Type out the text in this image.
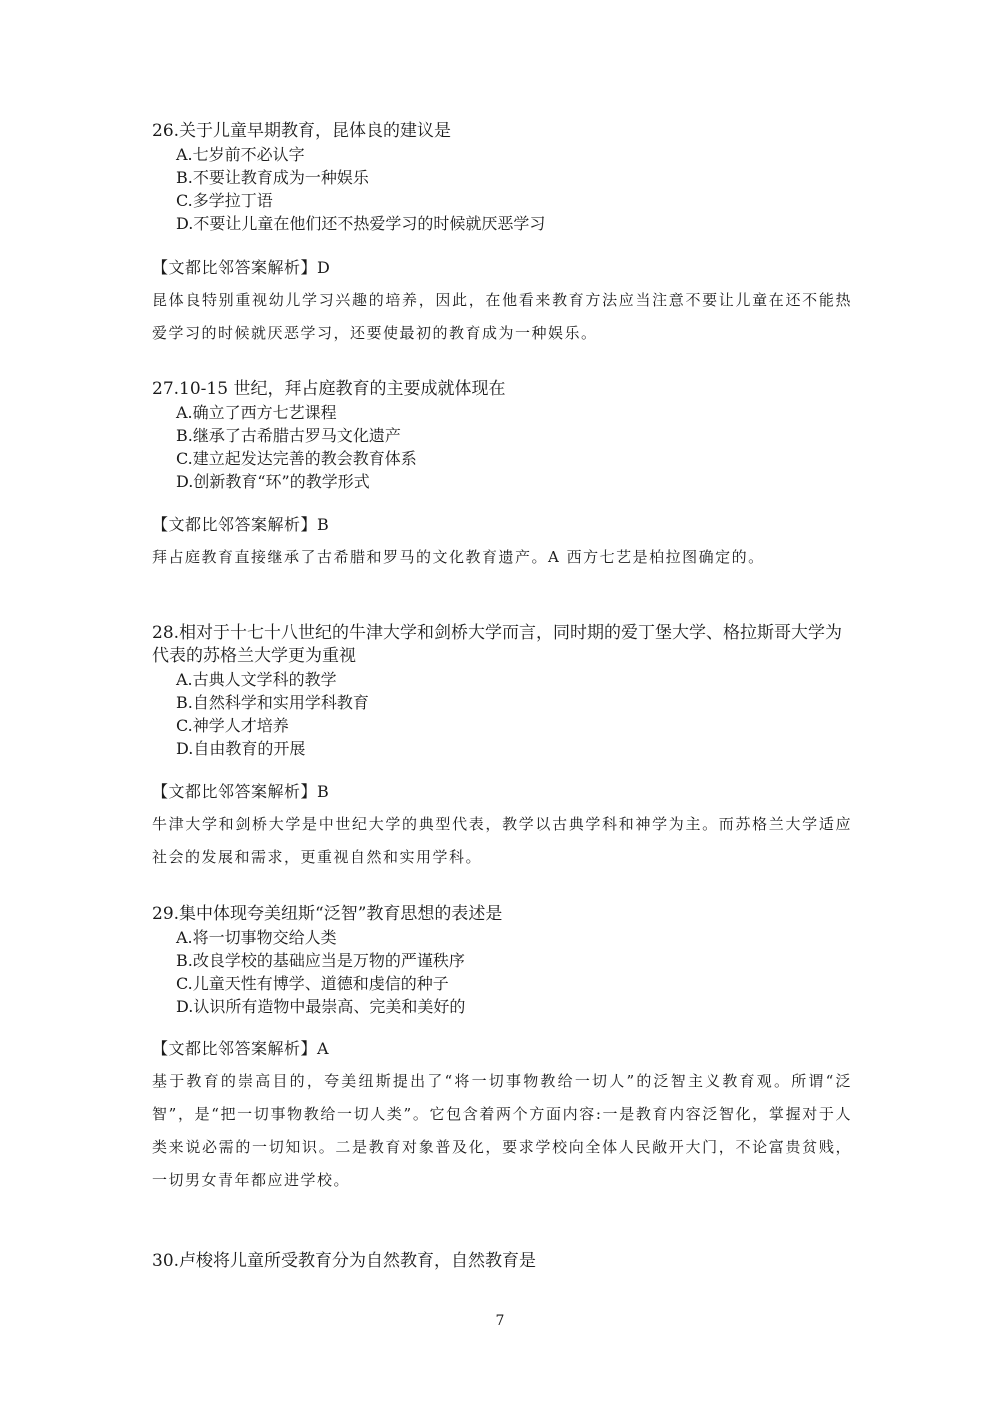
26.关于儿童早期教育，昆体良的建议是
A.七岁前不必认字
B.不要让教育成为一种娱乐
C.多学拉丁语
D.不要让儿童在他们还不热爱学习的时候就厌恶学习
【文都比邻答案解析】D
昆体良特别重视幼儿学习兴趣的培养，因此，在他看来教育方法应当注意不要让儿童在还不能热爱学习的时候就厌恶学习，还要使最初的教育成为一种娱乐。
27.10-15 世纪，拜占庭教育的主要成就体现在
A.确立了西方七艺课程
B.继承了古希腊古罗马文化遗产
C.建立起发达完善的教会教育体系
D.创新教育“环”的教学形式
【文都比邻答案解析】B
拜占庭教育直接继承了古希腊和罗马的文化教育遗产。A 西方七艺是柏拉图确定的。
28.相对于十七十八世纪的牛津大学和剑桥大学而言，同时期的爱丁堡大学、格拉斯哥大学为代表的苏格兰大学更为重视
A.古典人文学科的教学
B.自然科学和实用学科教育
C.神学人才培养
D.自由教育的开展
【文都比邻答案解析】B
牛津大学和剑桥大学是中世纪大学的典型代表，教学以古典学科和神学为主。而苏格兰大学适应社会的发展和需求，更重视自然和实用学科。
29.集中体现夸美纽斯“泛智”教育思想的表述是
A.将一切事物交给人类
B.改良学校的基础应当是万物的严谨秩序
C.儿童天性有博学、道德和虔信的种子
D.认识所有造物中最崇高、完美和美好的
【文都比邻答案解析】A
基于教育的崇高目的，夸美纽斯提出了“将一切事物教给一切人”的泛智主义教育观。所谓“泛智”，是“把一切事物教给一切人类”。它包含着两个方面内容:一是教育内容泛智化，掌握对于人类来说必需的一切知识。二是教育对象普及化，要求学校向全体人民敞开大门，不论富贵贫贱，一切男女青年都应进学校。
30.卢梭将儿童所受教育分为自然教育，自然教育是
7
